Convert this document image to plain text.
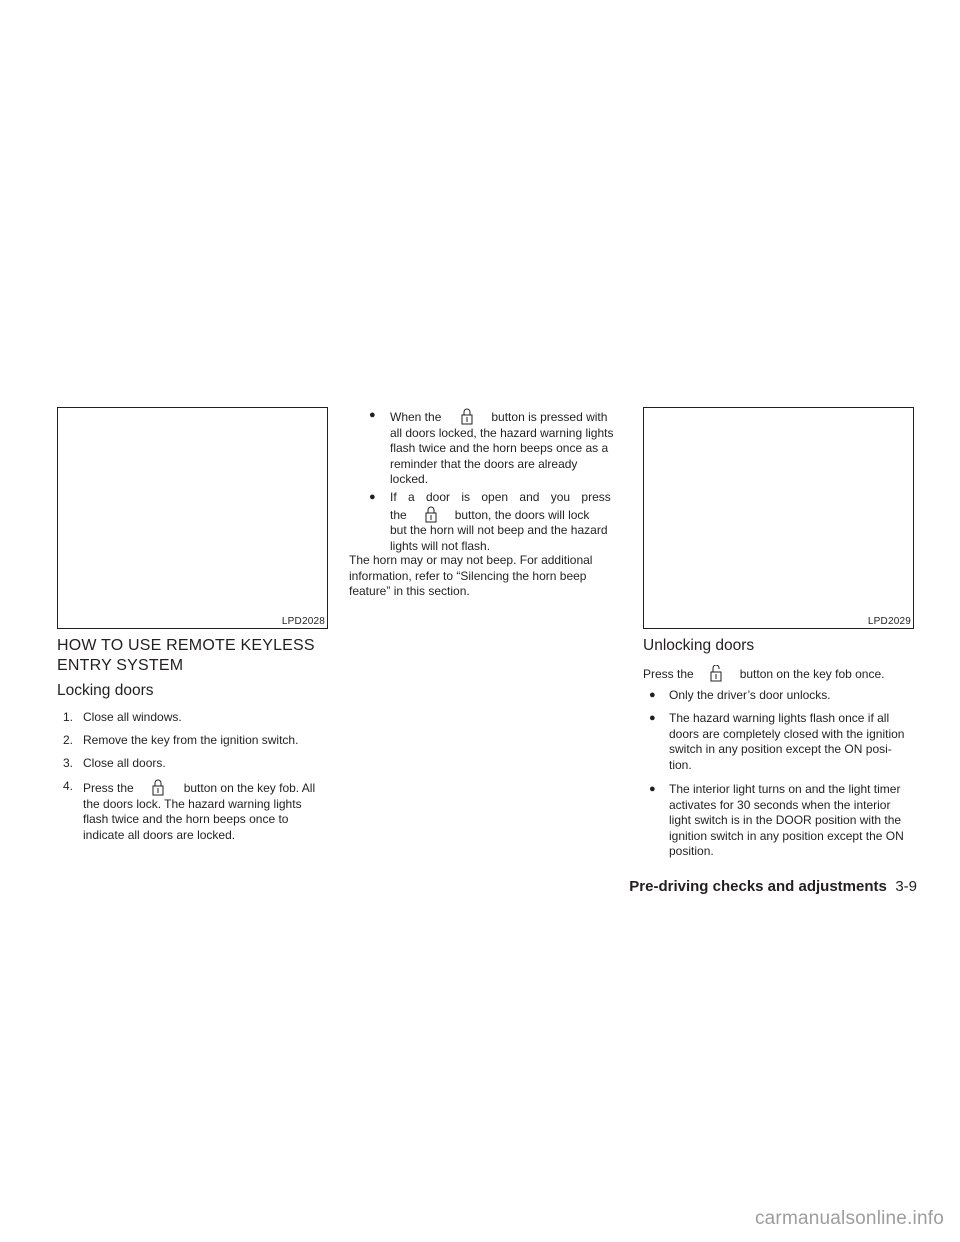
LPD2028	LPD2029
HOW TO USE REMOTE KEYLESS
ENTRY SYSTEM
Locking doors
1. Close all windows.
2. Remove the key from the ignition switch.
3. Close all doors.
4. Press the	button on the key fob. All
the doors lock. The hazard warning lights
flash twice and the horn beeps once to
indicate all doors are locked.
●	When the	button is pressed with
all doors locked, the hazard warning lights
flash twice and the horn beeps once as a
reminder that the doors are already
locked.
●	If a door is open and you press
the	button, the doors will lock
but the horn will not beep and the hazard
lights will not flash.
The horn may or may not beep. For additional
information, refer to “Silencing the horn beep
feature” in this section.
Unlocking doors
Press the	button on the key fob once.
●	Only the driver’s door unlocks.
●	The hazard warning lights flash once if all
doors are completely closed with the ignition
switch in any position except the ON posi-
tion.
●	The interior light turns on and the light timer
activates for 30 seconds when the interior
light switch is in the DOOR position with the
ignition switch in any position except the ON
position.
Pre-driving checks and adjustments 3-9
carmanualsonline.info
